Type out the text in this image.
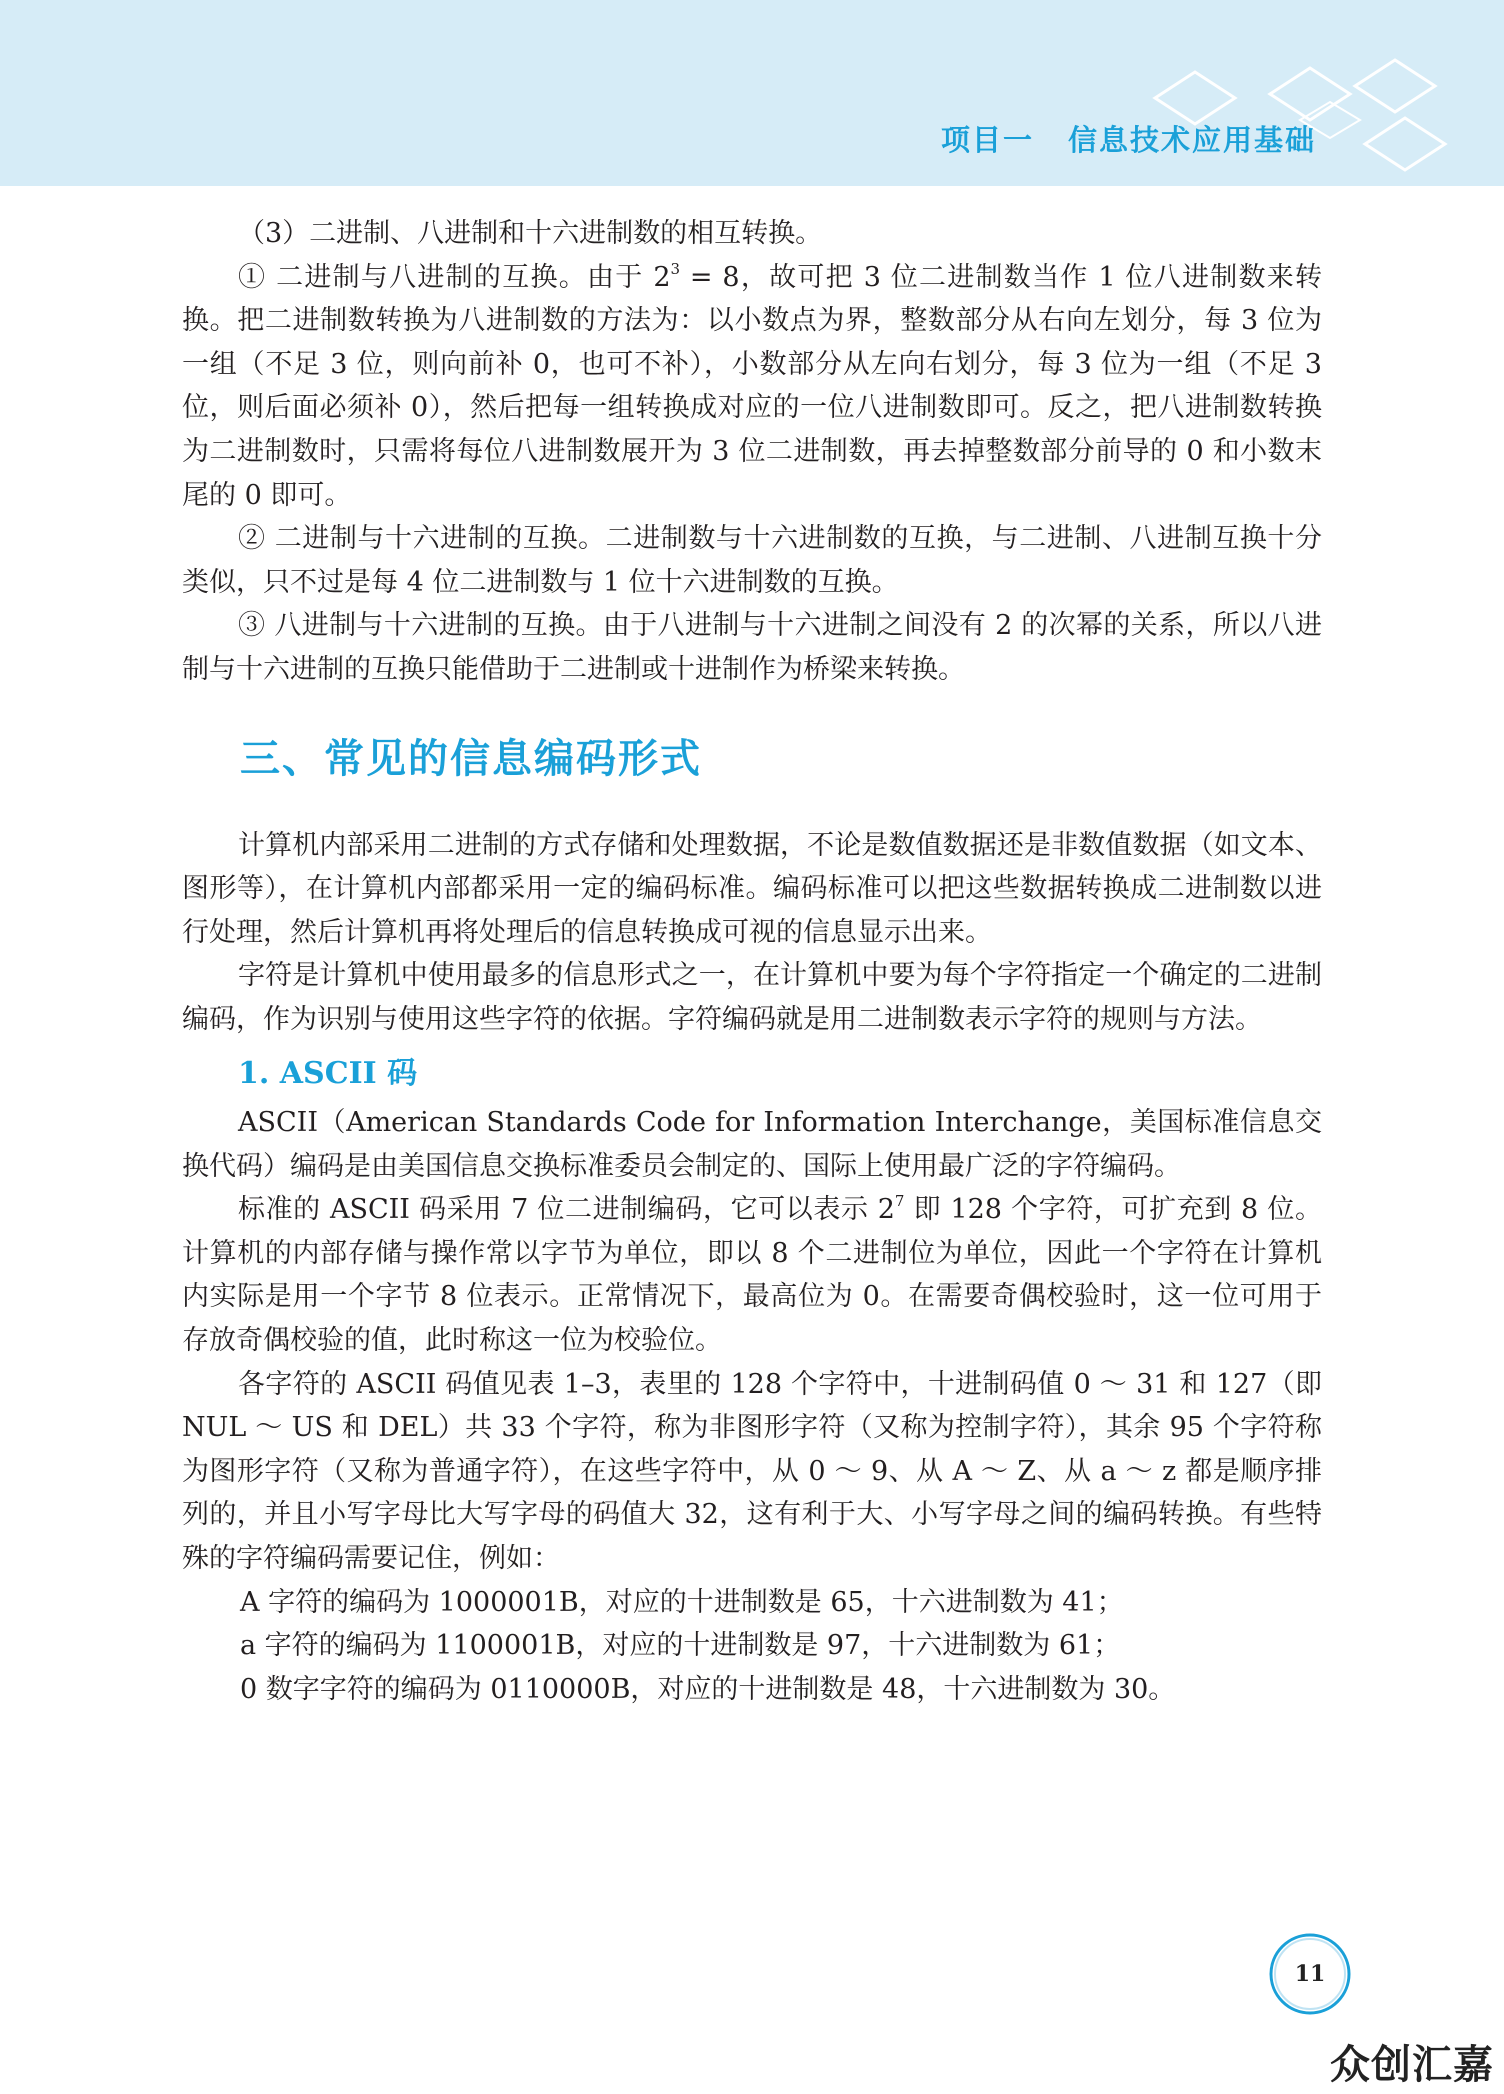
项目一 信息技术应用基础

（3）二进制、八进制和十六进制数的相互转换。

① 二进制与八进制的互换。由于 $2^3 = 8$，故可把 3 位二进制数当作 1 位八进制数来转换。把二进制数转换为八进制数的方法为：以小数点为界，整数部分从右向左划分，每 3 位为一组（不足 3 位，则向前补 0，也可不补），小数部分从左向右划分，每 3 位为一组（不足 3 位，则后面必须补 0），然后把每一组转换成对应的一位八进制数即可。反之，把八进制数转换为二进制数时，只需将每位八进制数展开为 3 位二进制数，再去掉整数部分前导的 0 和小数末尾的 0 即可。

② 二进制与十六进制的互换。二进制数与十六进制数的互换，与二进制、八进制互换十分类似，只不过是每 4 位二进制数与 1 位十六进制数的互换。

③ 八进制与十六进制的互换。由于八进制与十六进制之间没有 2 的次幂的关系，所以八进制与十六进制的互换只能借助于二进制或十进制作为桥梁来转换。

三、常见的信息编码形式

计算机内部采用二进制的方式存储和处理数据，不论是数值数据还是非数值数据（如文本、图形等），在计算机内部都采用一定的编码标准。编码标准可以把这些数据转换成二进制数以进行处理，然后计算机再将处理后的信息转换成可视的信息显示出来。

字符是计算机中使用最多的信息形式之一，在计算机中要为每个字符指定一个确定的二进制编码，作为识别与使用这些字符的依据。字符编码就是用二进制数表示字符的规则与方法。

1. ASCII 码

ASCII（American Standards Code for Information Interchange，美国标准信息交换代码）编码是由美国信息交换标准委员会制定的、国际上使用最广泛的字符编码。

标准的 ASCII 码采用 7 位二进制编码，它可以表示 $2^7$ 即 128 个字符，可扩充到 8 位。计算机的内部存储与操作常以字节为单位，即以 8 个二进制位为单位，因此一个字符在计算机内实际是用一个字节 8 位表示。正常情况下，最高位为 0。在需要奇偶校验时，这一位可用于存放奇偶校验的值，此时称这一位为校验位。

各字符的 ASCII 码值见表 1–3，表里的 128 个字符中，十进制码值 0 ～ 31 和 127（即 NUL ～ US 和 DEL）共 33 个字符，称为非图形字符（又称为控制字符），其余 95 个字符称为图形字符（又称为普通字符），在这些字符中，从 0 ～ 9、从 A ～ Z、从 a ～ z 都是顺序排列的，并且小写字母比大写字母的码值大 32，这有利于大、小写字母之间的编码转换。有些特殊的字符编码需要记住，例如：

A 字符的编码为 1000001B，对应的十进制数是 65，十六进制数为 41；

a 字符的编码为 1100001B，对应的十进制数是 97，十六进制数为 61；

0 数字字符的编码为 0110000B，对应的十进制数是 48，十六进制数为 30。

11
众创汇嘉
